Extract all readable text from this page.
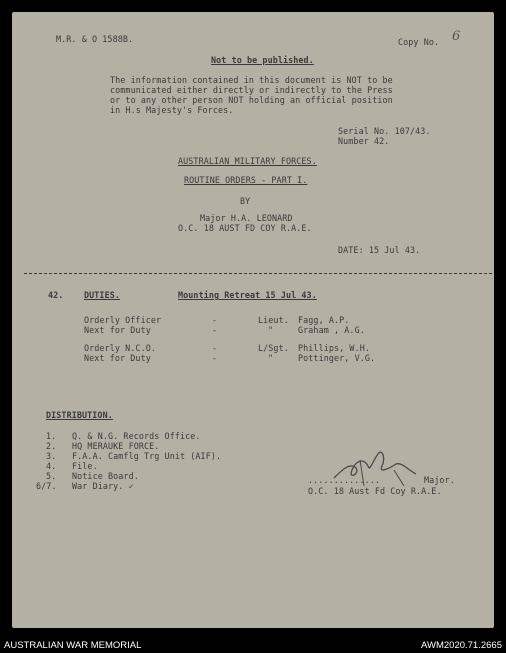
M.R. & O 1588B.	Copy No. 6
Not to be published.
The information contained in this document is NOT to be
communicated either directly or indirectly to the Press
or to any other person NOT holding an official position
in H.s Majesty's Forces.
Serial No. 107/43.
Number 42.
AUSTRALIAN MILITARY FORCES.
ROUTINE ORDERS - PART I.
BY
Major H.A. LEONARD
O.C. 18 AUST FD COY R.A.E.
DATE: 15 Jul 43.
42. DUTIES.	Mounting Retreat 15 Jul 43.
Orderly Officer	-	Lieut. Fagg, A.P.
Next for Duty	-	"	Graham , A.G.
Orderly N.C.O.	-	L/Sgt. Phillips, W.H.
Next for Duty	-	"	Pottinger, V.G.
DISTRIBUTION.
1. Q. & N.G. Records Office.
2. HQ MERAUKE FORCE.
3. F.A.A. Camflg Trg Unit (AIF).
4. File.
5. Notice Board.
6/7. War Diary. ✓
..............	Major.
O.C. 18 Aust Fd Coy R.A.E.
AUSTRALIAN WAR MEMORIAL	AWM2020.71.2665
